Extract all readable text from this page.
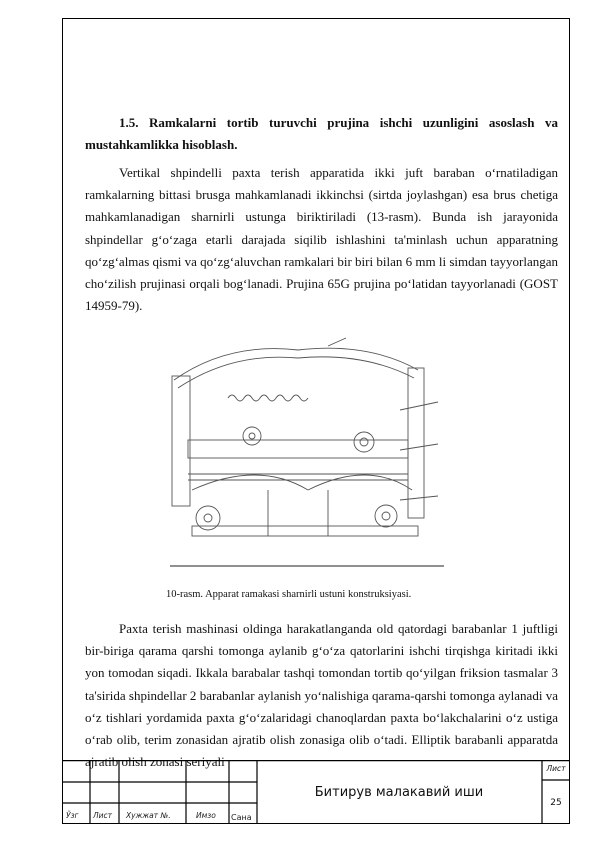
1.5. Ramkalarni tortib turuvchi prujina ishchi uzunligini asoslash va mustahkamlikka hisoblash.

Vertikal shpindelli paxta terish apparatida ikki juft baraban oʻrnatiladigan ramkalarning bittasi brusga mahkamlanadi ikkinchsi (sirtda joylashgan) esa brus chetiga mahkamlanadigan sharnirli ustunga biriktiriladi (13-rasm). Bunda ish jarayonida shpindellar gʻoʻzaga etarli darajada siqilib ishlashini ta'minlash uchun apparatning qoʻzgʻalmas qismi va qoʻzgʻaluvchan ramkalari bir biri bilan 6 mm li simdan tayyorlangan choʻzilish prujinasi orqali bogʻlanadi. Prujina 65G prujina poʻlatidan tayyorlanadi (GOST 14959-79).

10-rasm. Apparat ramakasi sharnirli ustuni konstruksiyasi.

Paxta terish mashinasi oldinga harakatlanganda old qatordagi barabanlar 1 juftligi bir-biriga qarama qarshi tomonga aylanib gʻoʻza qatorlarini ishchi tirqishga kiritadi ikki yon tomodan siqadi. Ikkala barabalar tashqi tomondan tortib qoʻyilgan friksion tasmalar 3 ta'sirida shpindellar 2 barabanlar aylanish yoʻnalishiga qarama-qarshi tomonga aylanadi va oʻz tishlari yordamida paxta gʻoʻzalaridagi chanoqlardan paxta boʻlakchalarini oʻz ustiga oʻrab olib, terim zonasidan ajratib olish zonasiga olib oʻtadi. Elliptik barabanli apparatda ajratib olish zonasi seriyali

Ўзг Лист Хужжат №.	Имзо Сана
Битирув малакавий иши
Лист
25
